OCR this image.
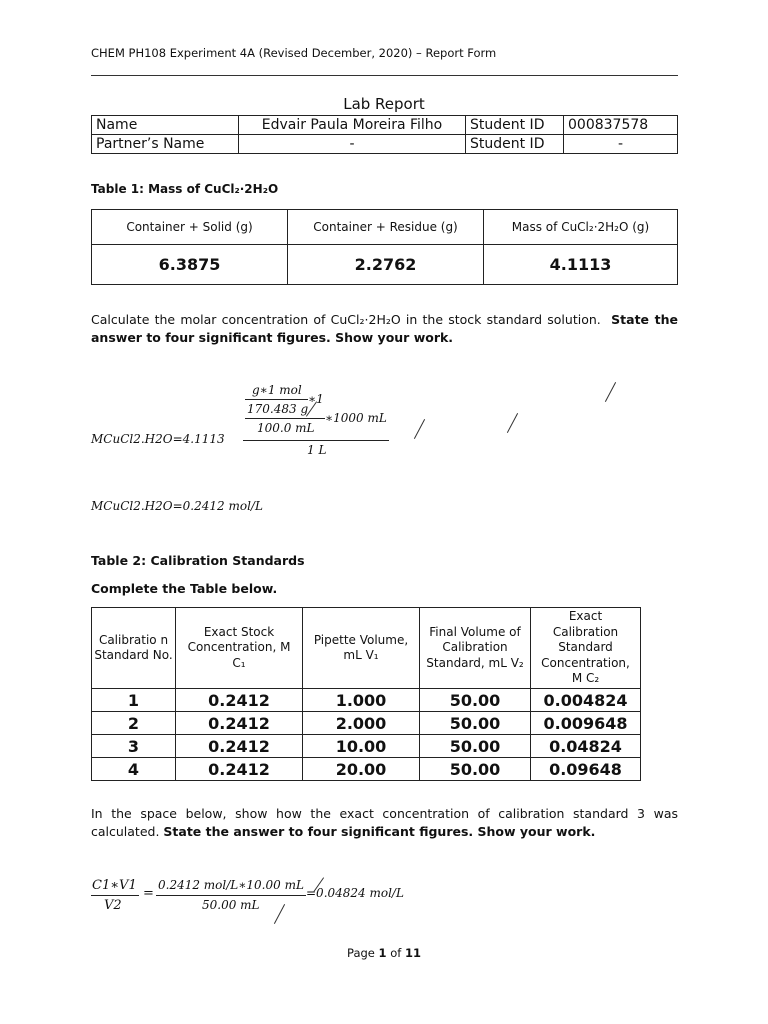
CHEM PH108 Experiment 4A (Revised December, 2020) – Report Form
Lab Report
Name	Edvair Paula Moreira Filho	Student ID	000837578
Partner’s Name	-	Student ID	-
Table 1: Mass of CuCl₂·2H₂O
Container + Solid (g)	Container + Residue (g)	Mass of CuCl₂·2H₂O (g)
6.3875	2.2762	4.1113
Calculate the molar concentration of CuCl₂·2H₂O in the stock standard solution. State the answer to four significant figures. Show your work.
MCuCl2.H2O=4.1113
g∗1 mol
170.483 g
∗1
100.0 mL
∗1000 mL
1 L
MCuCl2.H2O=0.2412 mol/L
Table 2: Calibration Standards
Complete the Table below.
Calibratio n Standard No.	Exact Stock Concentration, M C₁	Pipette Volume, mL V₁	Final Volume of Calibration Standard, mL V₂	Exact Calibration Standard Concentration, M C₂
1	0.2412	1.000	50.00	0.004824
2	0.2412	2.000	50.00	0.009648
3	0.2412	10.00	50.00	0.04824
4	0.2412	20.00	50.00	0.09648
In the space below, show how the exact concentration of calibration standard 3 was calculated. State the answer to four significant figures. Show your work.
C1∗V1
V2
=
0.2412 mol/L∗10.00 mL
50.00 mL
=0.04824 mol/L
Page 1 of 11
